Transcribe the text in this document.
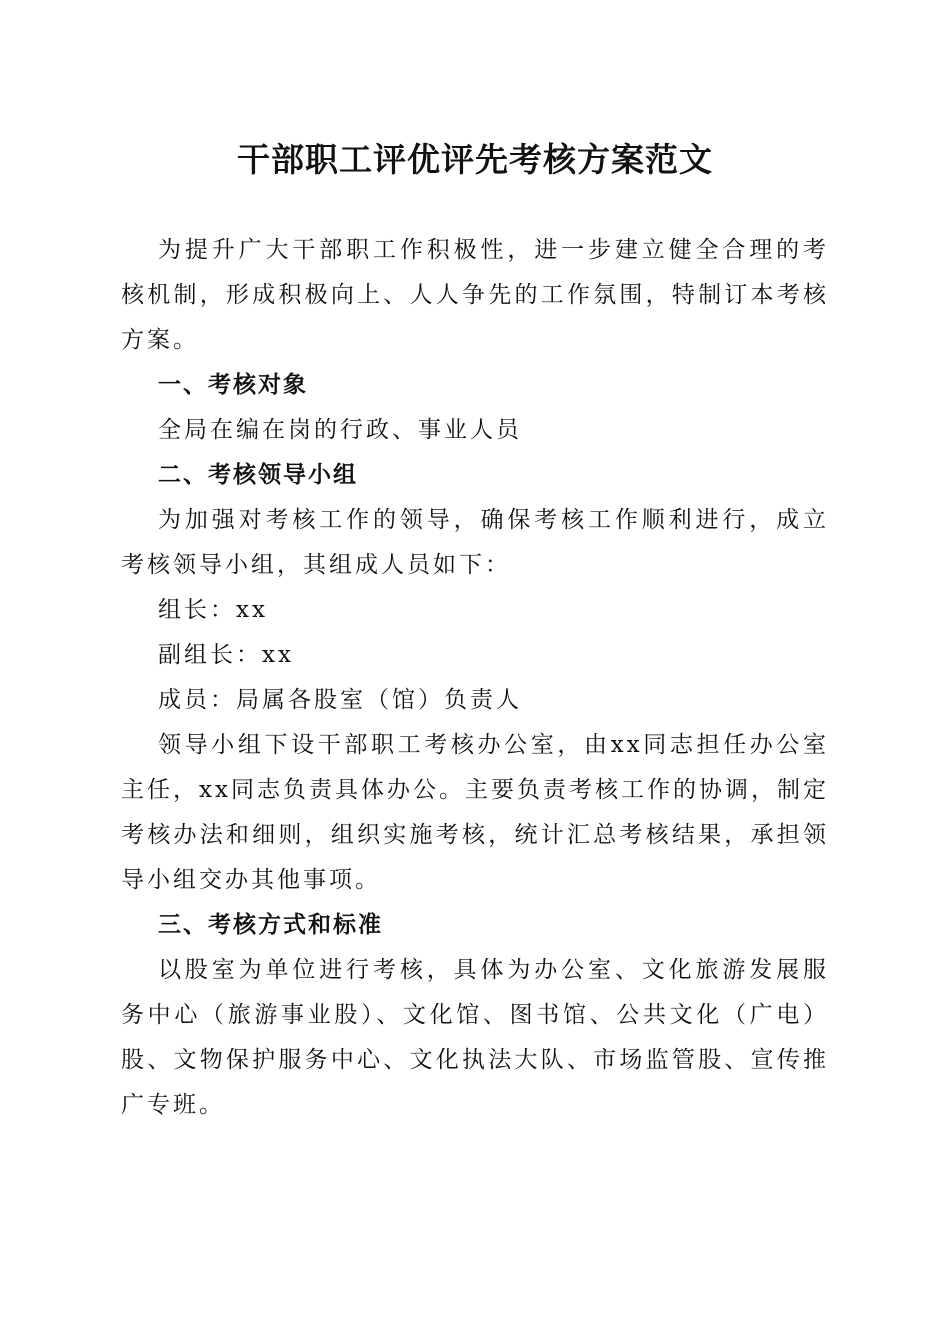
干部职工评优评先考核方案范文

为提升广大干部职工作积极性，进一步建立健全合理的考核机制，形成积极向上、人人争先的工作氛围，特制订本考核方案。

一、考核对象

全局在编在岗的行政、事业人员

二、考核领导小组

为加强对考核工作的领导，确保考核工作顺利进行，成立考核领导小组，其组成人员如下：

组长：xx

副组长：xx

成员：局属各股室（馆）负责人

领导小组下设干部职工考核办公室，由xx同志担任办公室主任，xx同志负责具体办公。主要负责考核工作的协调，制定考核办法和细则，组织实施考核，统计汇总考核结果，承担领导小组交办其他事项。

三、考核方式和标准

以股室为单位进行考核，具体为办公室、文化旅游发展服务中心（旅游事业股）、文化馆、图书馆、公共文化（广电）股、文物保护服务中心、文化执法大队、市场监管股、宣传推广专班。
